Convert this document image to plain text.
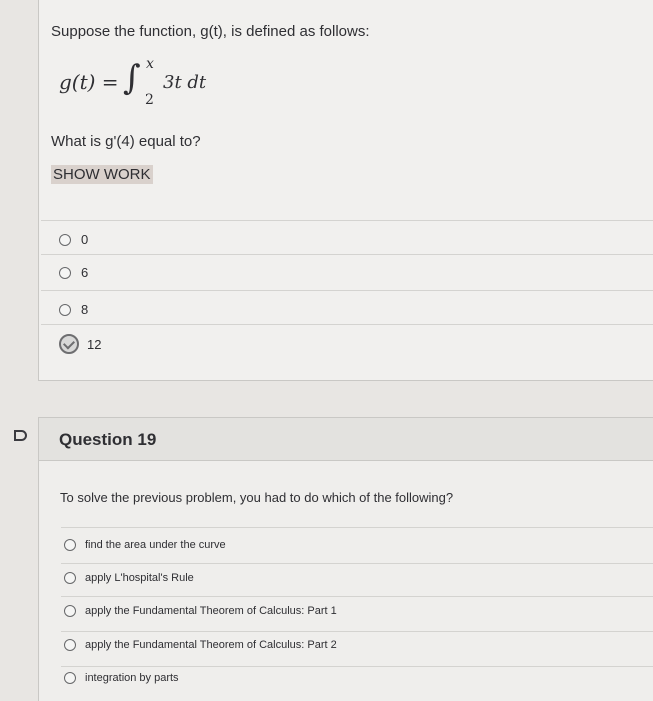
Suppose the function, g(t), is defined as follows:
g(t) = ∫ x
2
3t dt
What is g'(4) equal to?
SHOW WORK
0
6
8
12
Question 19
To solve the previous problem, you had to do which of the following?
find the area under the curve
apply L'hospital's Rule
apply the Fundamental Theorem of Calculus: Part 1
apply the Fundamental Theorem of Calculus: Part 2
integration by parts
